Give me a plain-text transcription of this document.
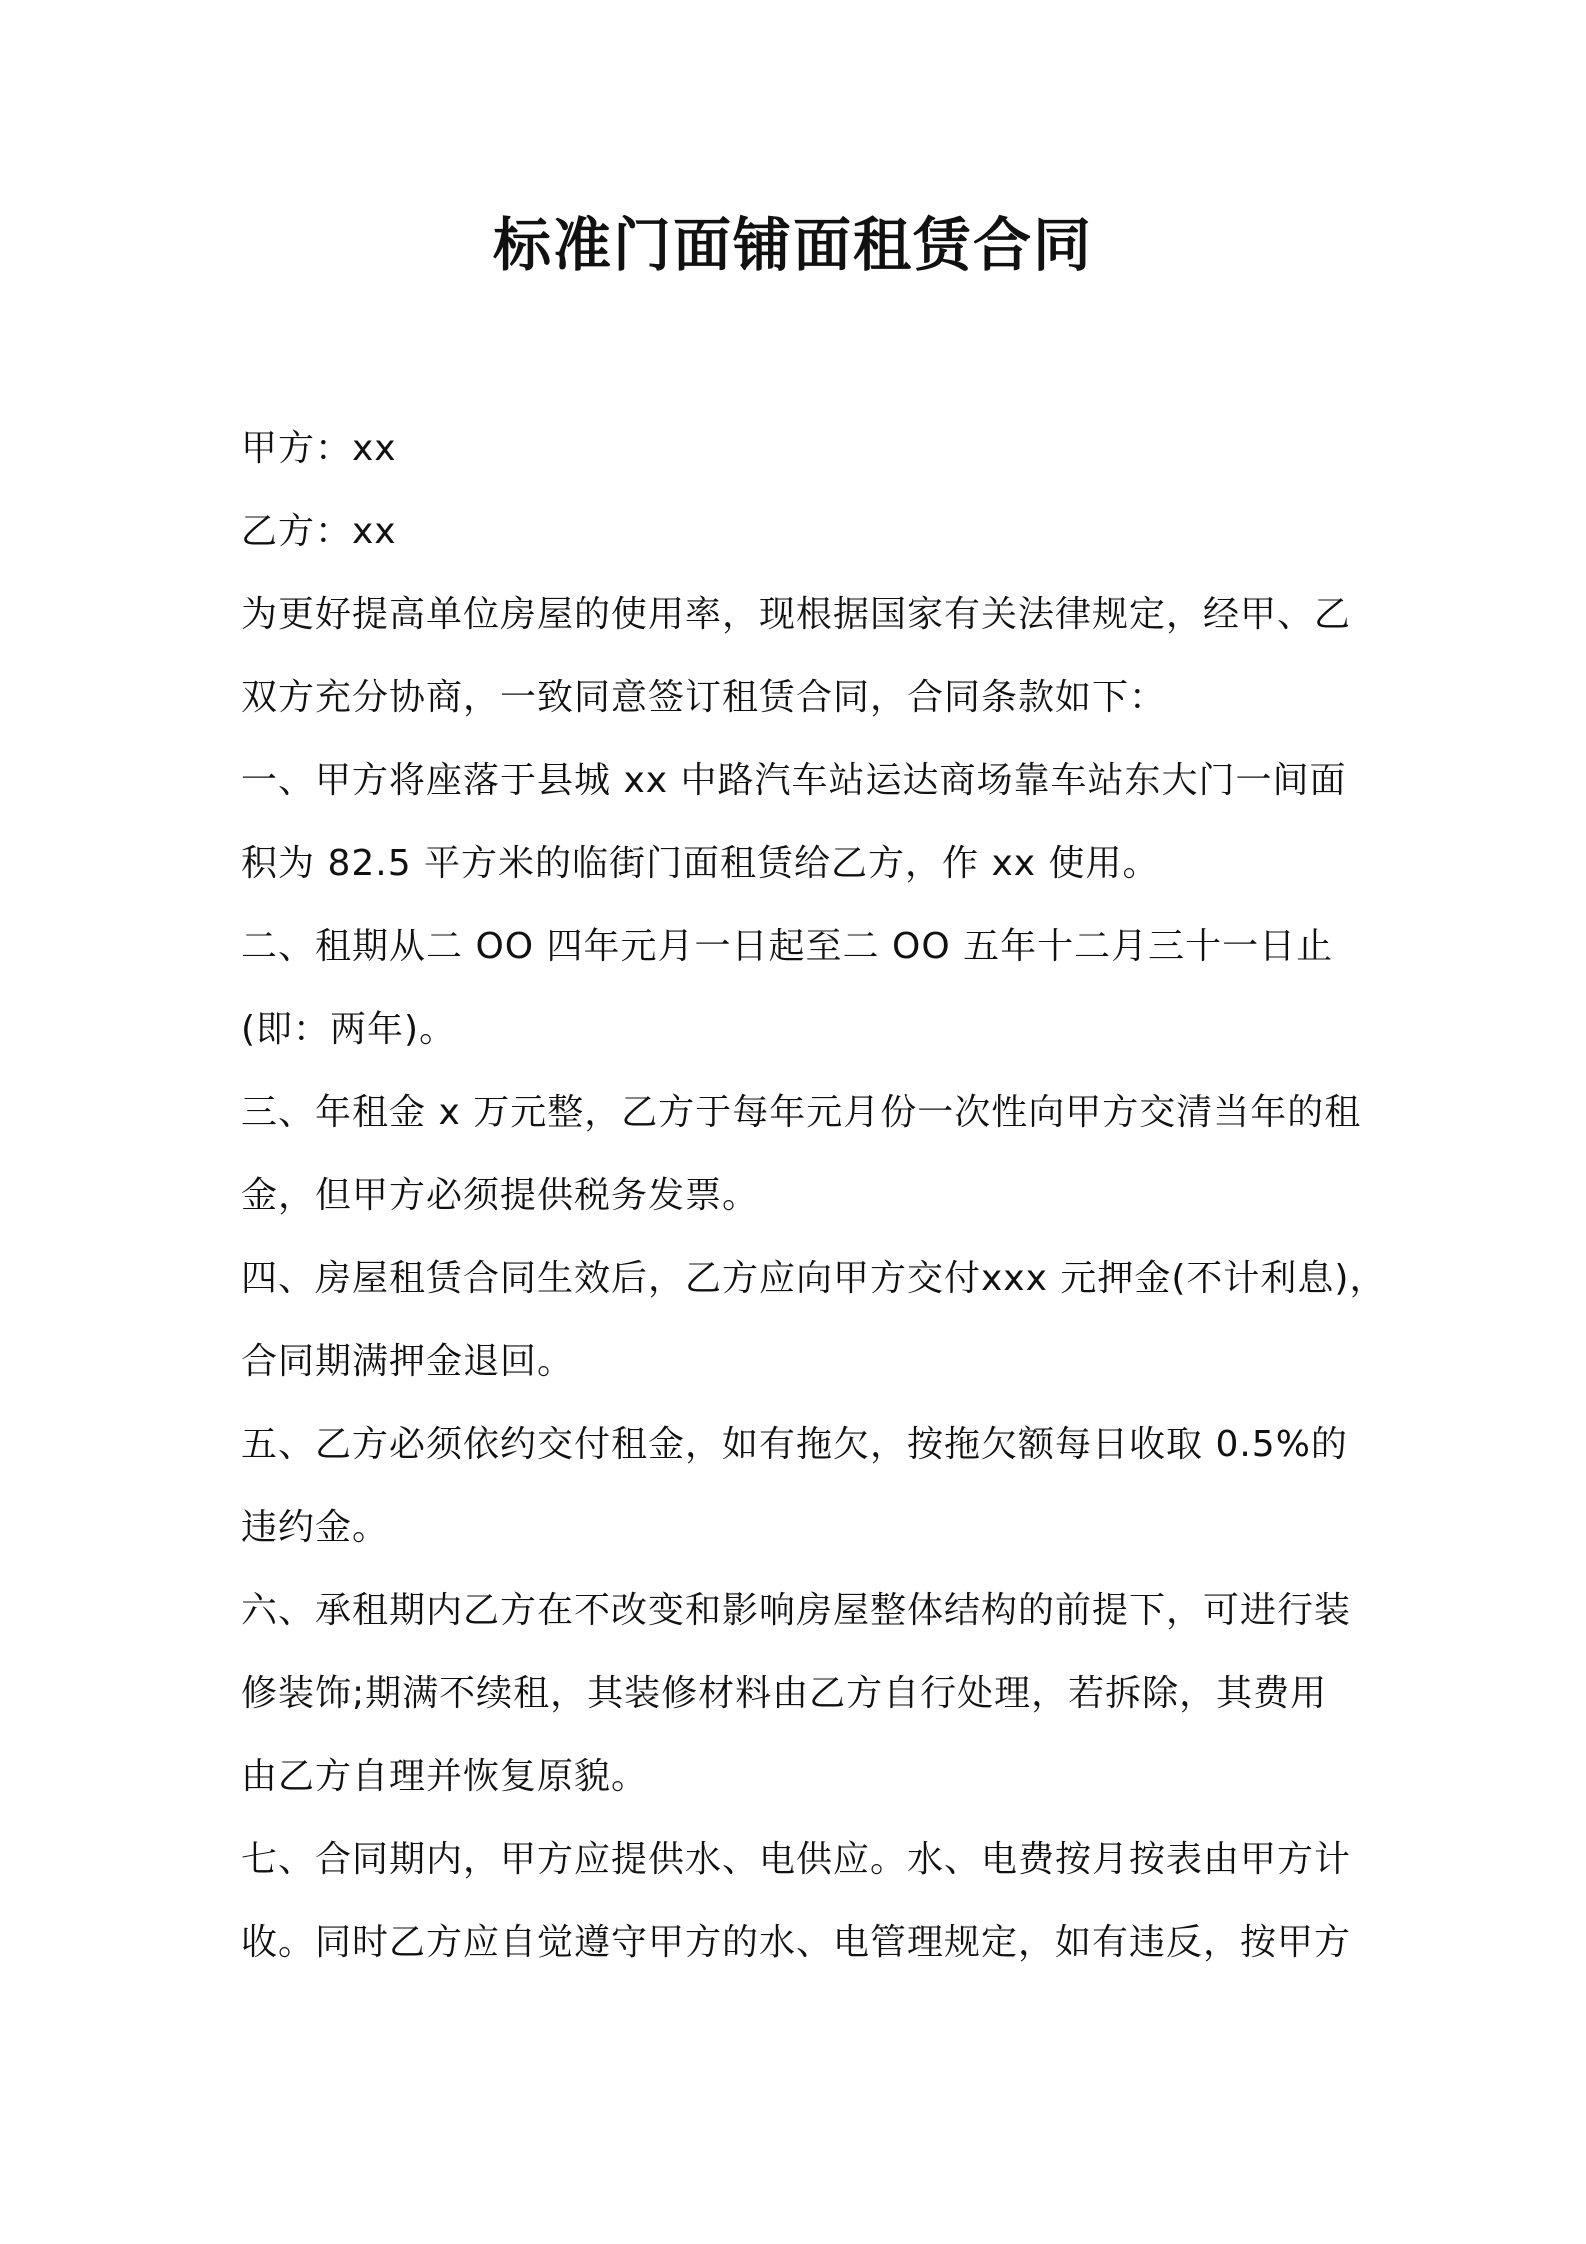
标准门面铺面租赁合同
甲方：xx
乙方：xx
为更好提高单位房屋的使用率，现根据国家有关法律规定，经甲、乙
双方充分协商，一致同意签订租赁合同，合同条款如下：
一、甲方将座落于县城 xx 中路汽车站运达商场靠车站东大门一间面
积为 82.5 平方米的临街门面租赁给乙方，作 xx 使用。
二、租期从二 OO 四年元月一日起至二 OO 五年十二月三十一日止
(即：两年)。
三、年租金 x 万元整，乙方于每年元月份一次性向甲方交清当年的租
金，但甲方必须提供税务发票。
四、房屋租赁合同生效后，乙方应向甲方交付xxx 元押金(不计利息)，
合同期满押金退回。
五、乙方必须依约交付租金，如有拖欠，按拖欠额每日收取 0.5%的
违约金。
六、承租期内乙方在不改变和影响房屋整体结构的前提下，可进行装
修装饰;期满不续租，其装修材料由乙方自行处理，若拆除，其费用
由乙方自理并恢复原貌。
七、合同期内，甲方应提供水、电供应。水、电费按月按表由甲方计
收。同时乙方应自觉遵守甲方的水、电管理规定，如有违反，按甲方
